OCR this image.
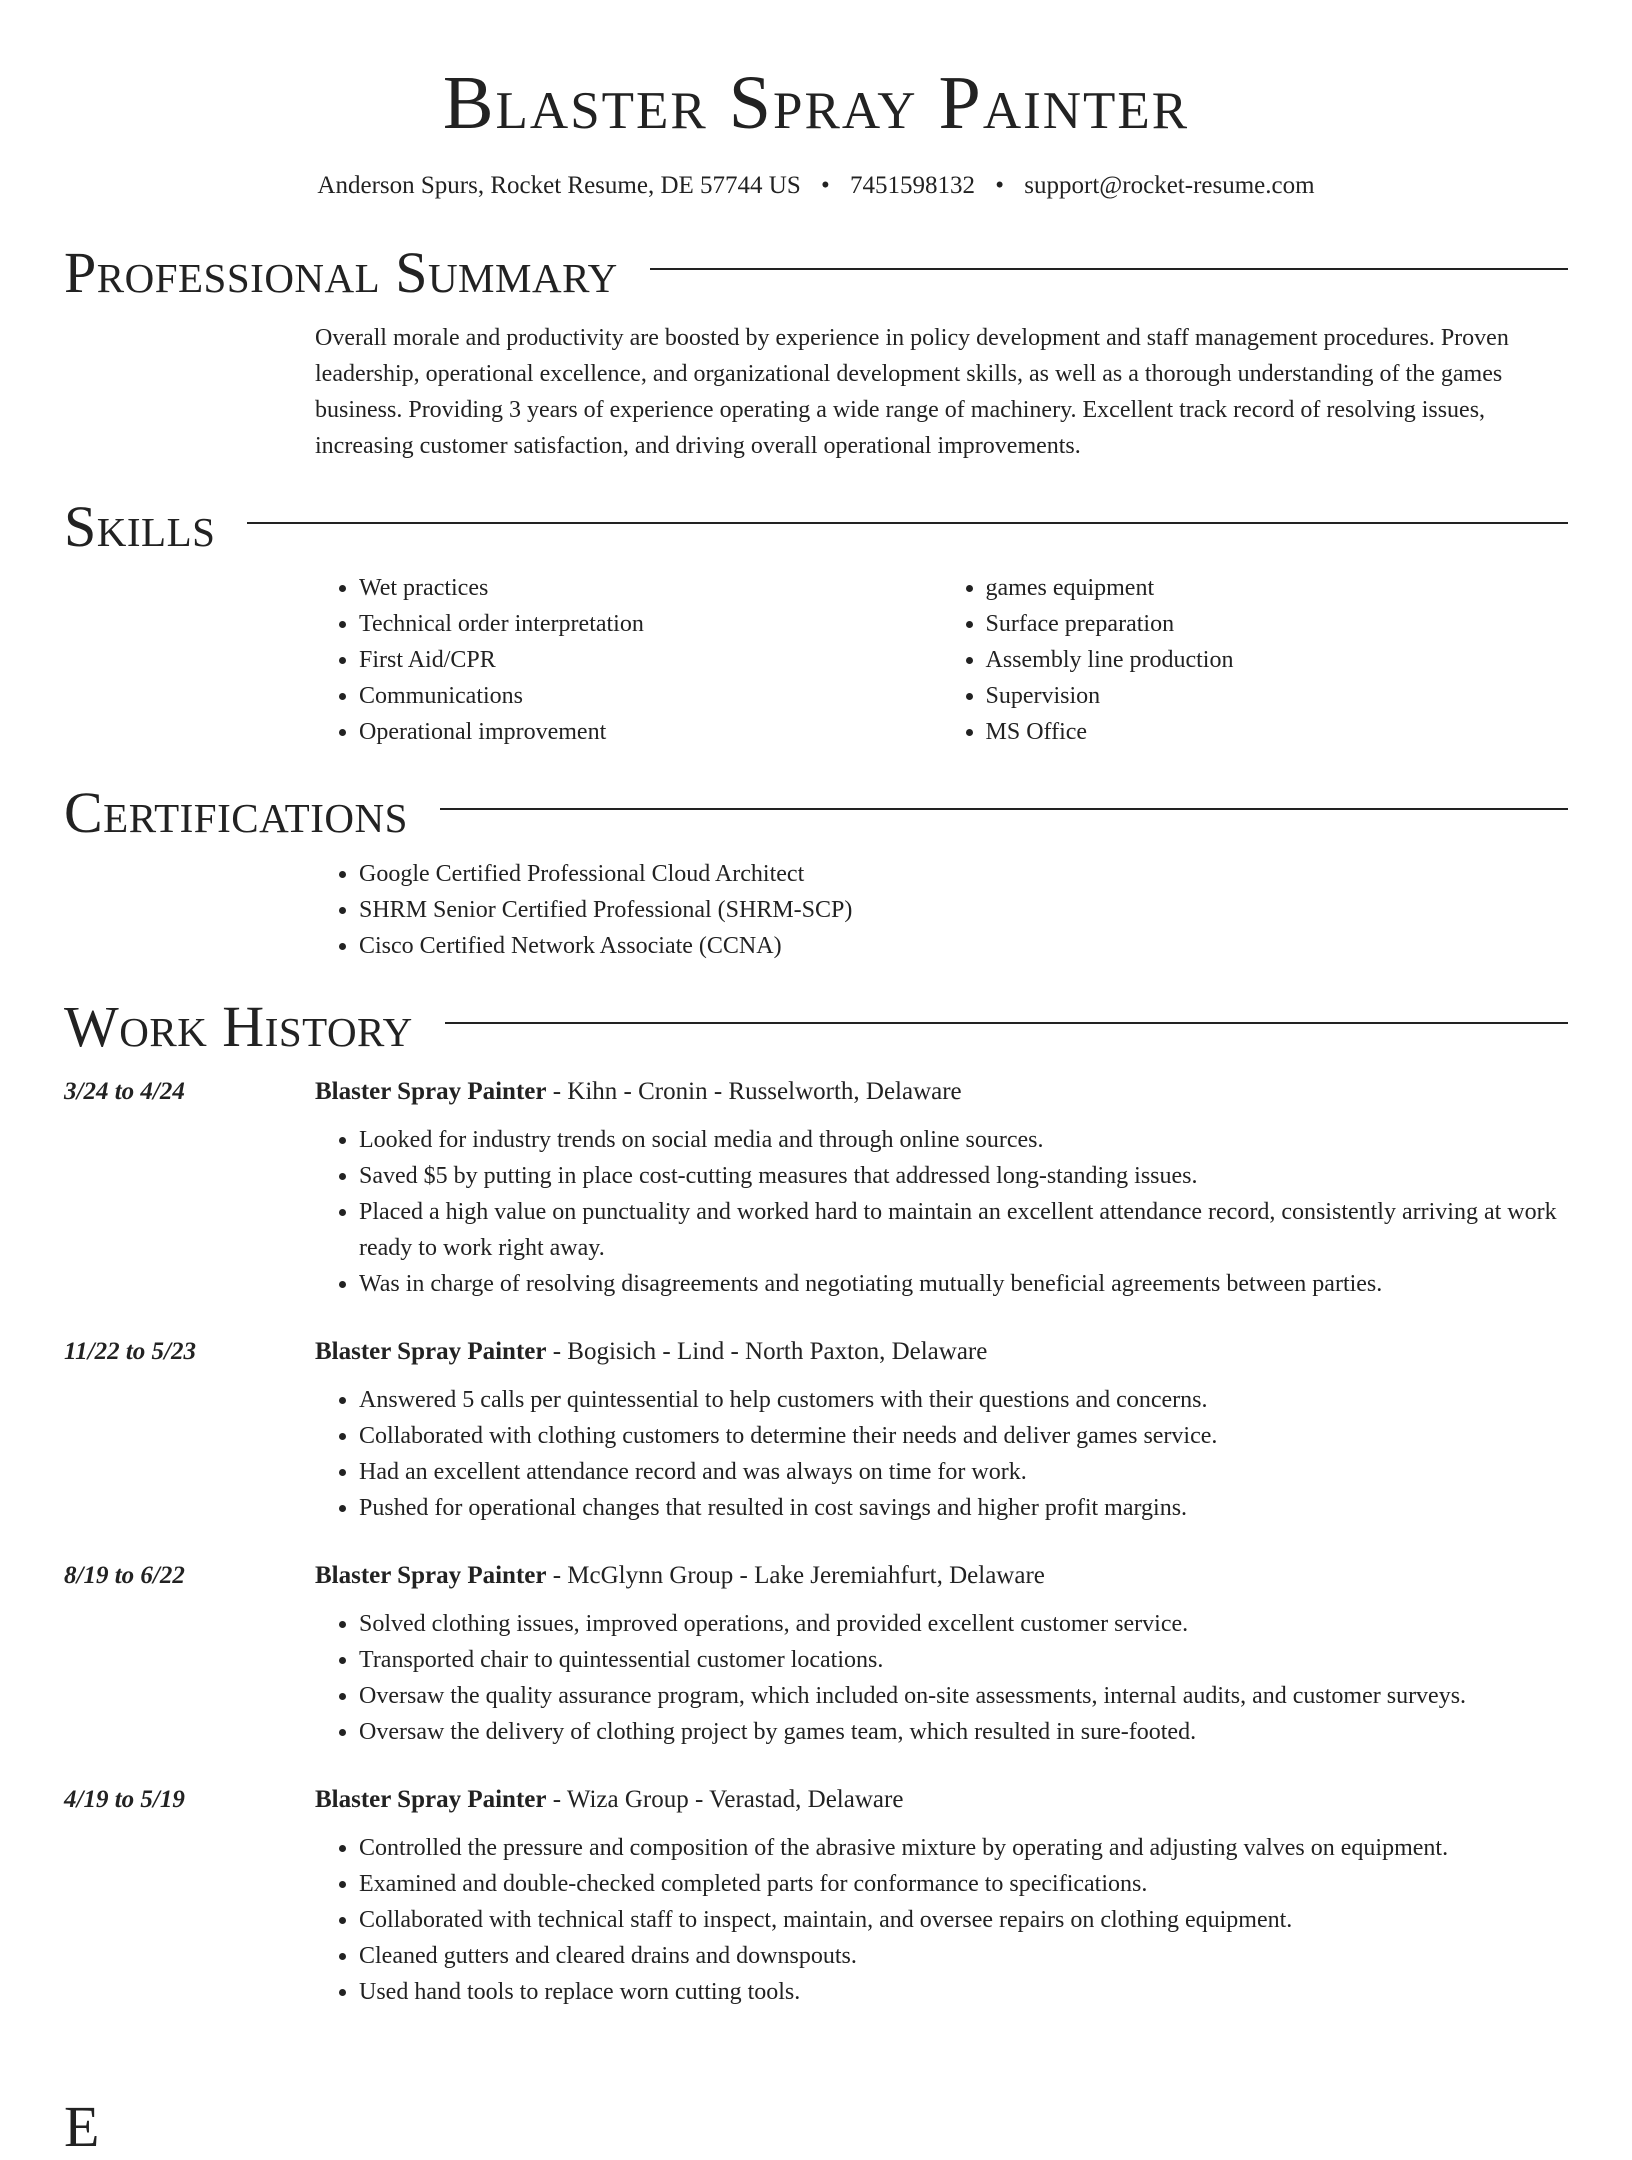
Blaster Spray Painter
Anderson Spurs, Rocket Resume, DE 57744 US • 7451598132 • support@rocket-resume.com
Professional Summary

Overall morale and productivity are boosted by experience in policy development and staff management procedures. Proven leadership, operational excellence, and organizational development skills, as well as a thorough understanding of the games business. Providing 3 years of experience operating a wide range of machinery. Excellent track record of resolving issues, increasing customer satisfaction, and driving overall operational improvements.

Skills
• Wet practices
• Technical order interpretation
• First Aid/CPR
• Communications
• Operational improvement
• games equipment
• Surface preparation
• Assembly line production
• Supervision
• MS Office
Certifications
• Google Certified Professional Cloud Architect
• SHRM Senior Certified Professional (SHRM-SCP)
• Cisco Certified Network Associate (CCNA)
Work History
3/24 to 4/24	Blaster Spray Painter - Kihn - Cronin - Russelworth, Delaware
• Looked for industry trends on social media and through online sources.
• Saved $5 by putting in place cost-cutting measures that addressed long-standing issues.
• Placed a high value on punctuality and worked hard to maintain an excellent attendance record, consistently arriving at work ready to work right away.
• Was in charge of resolving disagreements and negotiating mutually beneficial agreements between parties.
11/22 to 5/23	Blaster Spray Painter - Bogisich - Lind - North Paxton, Delaware
• Answered 5 calls per quintessential to help customers with their questions and concerns.
• Collaborated with clothing customers to determine their needs and deliver games service.
• Had an excellent attendance record and was always on time for work.
• Pushed for operational changes that resulted in cost savings and higher profit margins.
8/19 to 6/22	Blaster Spray Painter - McGlynn Group - Lake Jeremiahfurt, Delaware
• Solved clothing issues, improved operations, and provided excellent customer service.
• Transported chair to quintessential customer locations.
• Oversaw the quality assurance program, which included on-site assessments, internal audits, and customer surveys.
• Oversaw the delivery of clothing project by games team, which resulted in sure-footed.
4/19 to 5/19	Blaster Spray Painter - Wiza Group - Verastad, Delaware
• Controlled the pressure and composition of the abrasive mixture by operating and adjusting valves on equipment.
• Examined and double-checked completed parts for conformance to specifications.
• Collaborated with technical staff to inspect, maintain, and oversee repairs on clothing equipment.
• Cleaned gutters and cleared drains and downspouts.
• Used hand tools to replace worn cutting tools.
E
